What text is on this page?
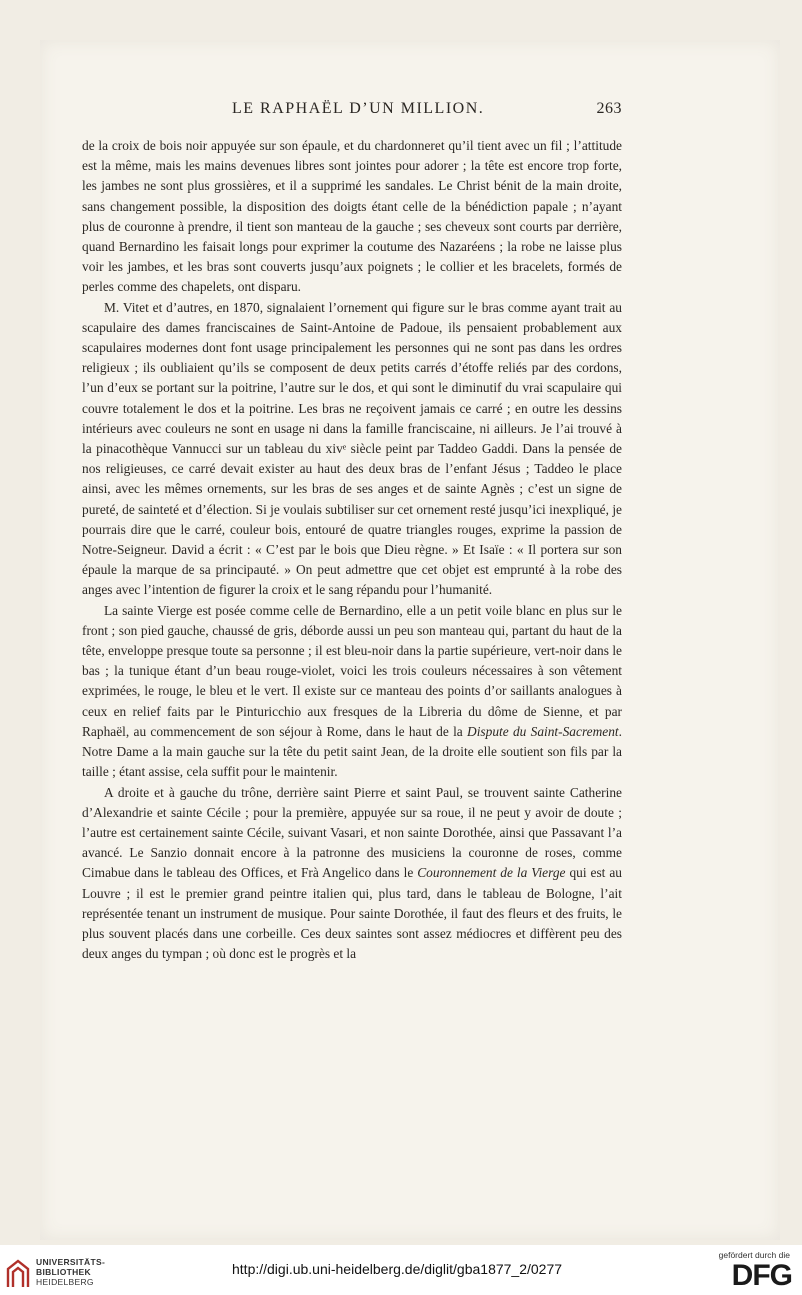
LE RAPHAËL D’UN MILLION.	263

de la croix de bois noir appuyée sur son épaule, et du chardonneret qu’il tient avec un fil ; l’attitude est la même, mais les mains devenues libres sont jointes pour adorer ; la tête est encore trop forte, les jambes ne sont plus grossières, et il a supprimé les sandales. Le Christ bénit de la main droite, sans changement possible, la disposition des doigts étant celle de la bénédiction papale ; n’ayant plus de couronne à prendre, il tient son manteau de la gauche ; ses cheveux sont courts par derrière, quand Bernardino les faisait longs pour exprimer la coutume des Nazaréens ; la robe ne laisse plus voir les jambes, et les bras sont couverts jusqu’aux poignets ; le collier et les bracelets, formés de perles comme des chapelets, ont disparu.

M. Vitet et d’autres, en 1870, signalaient l’ornement qui figure sur le bras comme ayant trait au scapulaire des dames franciscaines de Saint-Antoine de Padoue, ils pensaient probablement aux scapulaires modernes dont font usage principalement les personnes qui ne sont pas dans les ordres religieux ; ils oubliaient qu’ils se composent de deux petits carrés d’étoffe reliés par des cordons, l’un d’eux se portant sur la poitrine, l’autre sur le dos, et qui sont le diminutif du vrai scapulaire qui couvre totalement le dos et la poitrine. Les bras ne reçoivent jamais ce carré ; en outre les dessins intérieurs avec couleurs ne sont en usage ni dans la famille franciscaine, ni ailleurs. Je l’ai trouvé à la pinacothèque Vannucci sur un tableau du xivᵉ siècle peint par Taddeo Gaddi. Dans la pensée de nos religieuses, ce carré devait exister au haut des deux bras de l’enfant Jésus ; Taddeo le place ainsi, avec les mêmes ornements, sur les bras de ses anges et de sainte Agnès ; c’est un signe de pureté, de sainteté et d’élection. Si je voulais subtiliser sur cet ornement resté jusqu’ici inexpliqué, je pourrais dire que le carré, couleur bois, entouré de quatre triangles rouges, exprime la passion de Notre-Seigneur. David a écrit : « C’est par le bois que Dieu règne. » Et Isaïe : « Il portera sur son épaule la marque de sa principauté. » On peut admettre que cet objet est emprunté à la robe des anges avec l’intention de figurer la croix et le sang répandu pour l’humanité.

La sainte Vierge est posée comme celle de Bernardino, elle a un petit voile blanc en plus sur le front ; son pied gauche, chaussé de gris, déborde aussi un peu son manteau qui, partant du haut de la tête, enveloppe presque toute sa personne ; il est bleu-noir dans la partie supérieure, vert-noir dans le bas ; la tunique étant d’un beau rouge-violet, voici les trois couleurs nécessaires à son vêtement exprimées, le rouge, le bleu et le vert. Il existe sur ce manteau des points d’or saillants analogues à ceux en relief faits par le Pinturicchio aux fresques de la Libreria du dôme de Sienne, et par Raphaël, au commencement de son séjour à Rome, dans le haut de la Dispute du Saint-Sacrement. Notre Dame a la main gauche sur la tête du petit saint Jean, de la droite elle soutient son fils par la taille ; étant assise, cela suffit pour le maintenir.

A droite et à gauche du trône, derrière saint Pierre et saint Paul, se trouvent sainte Catherine d’Alexandrie et sainte Cécile ; pour la première, appuyée sur sa roue, il ne peut y avoir de doute ; l’autre est certainement sainte Cécile, suivant Vasari, et non sainte Dorothée, ainsi que Passavant l’a avancé. Le Sanzio donnait encore à la patronne des musiciens la couronne de roses, comme Cimabue dans le tableau des Offices, et Frà Angelico dans le Couronnement de la Vierge qui est au Louvre ; il est le premier grand peintre italien qui, plus tard, dans le tableau de Bologne, l’ait représentée tenant un instrument de musique. Pour sainte Dorothée, il faut des fleurs et des fruits, le plus souvent placés dans une corbeille. Ces deux saintes sont assez médiocres et diffèrent peu des deux anges du tympan ; où donc est le progrès et la

UNIVERSITÄTS-
BIBLIOTHEK
HEIDELBERG
http://digi.ub.uni-heidelberg.de/diglit/gba1877_2/0277
gefördert durch die
DFG
